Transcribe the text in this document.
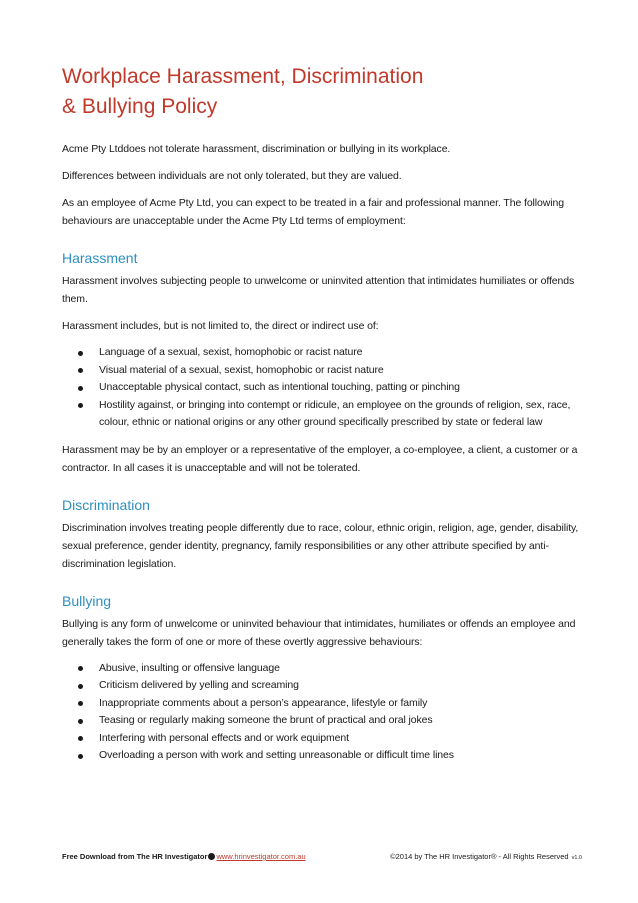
Workplace Harassment, Discrimination
& Bullying Policy

Acme Pty Ltddoes not tolerate harassment, discrimination or bullying in its workplace.

Differences between individuals are not only tolerated, but they are valued.

As an employee of Acme Pty Ltd, you can expect to be treated in a fair and professional manner. The following behaviours are unacceptable under the Acme Pty Ltd terms of employment:

Harassment

Harassment involves subjecting people to unwelcome or uninvited attention that intimidates humiliates or offends them.

Harassment includes, but is not limited to, the direct or indirect use of:

Language of a sexual, sexist, homophobic or racist nature
Visual material of a sexual, sexist, homophobic or racist nature
Unacceptable physical contact, such as intentional touching, patting or pinching
Hostility against, or bringing into contempt or ridicule, an employee on the grounds of religion, sex, race, colour, ethnic or national origins or any other ground specifically prescribed by state or federal law

Harassment may be by an employer or a representative of the employer, a co-employee, a client, a customer or a contractor. In all cases it is unacceptable and will not be tolerated.

Discrimination

Discrimination involves treating people differently due to race, colour, ethnic origin, religion, age, gender, disability, sexual preference, gender identity, pregnancy, family responsibilities or any other attribute specified by anti-discrimination legislation.

Bullying

Bullying is any form of unwelcome or uninvited behaviour that intimidates, humiliates or offends an employee and generally takes the form of one or more of these overtly aggressive behaviours:

Abusive, insulting or offensive language
Criticism delivered by yelling and screaming
Inappropriate comments about a person’s appearance, lifestyle or family
Teasing or regularly making someone the brunt of practical and oral jokes
Interfering with personal effects and or work equipment
Overloading a person with work and setting unreasonable or difficult time lines
Free Download from The HR Investigator www.hrinvestigator.com.au	©2014 by The HR Investigator® - All Rights Reserved v1.0
